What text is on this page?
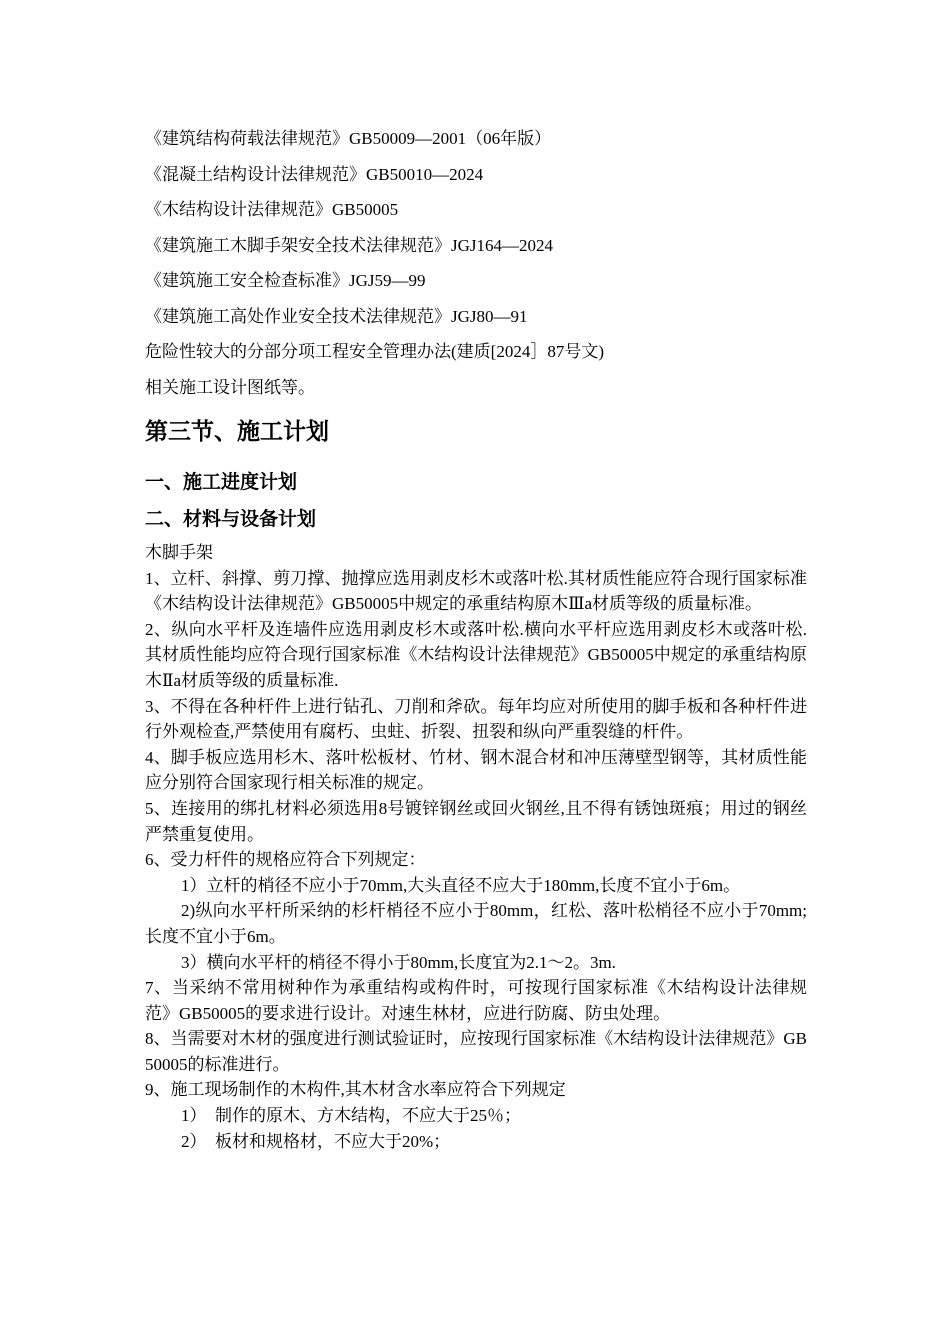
《建筑结构荷载法律规范》GB50009—2001（06年版）
《混凝土结构设计法律规范》GB50010—2024
《木结构设计法律规范》GB50005
《建筑施工木脚手架安全技术法律规范》JGJ164—2024
《建筑施工安全检查标准》JGJ59—99
《建筑施工高处作业安全技术法律规范》JGJ80—91
危险性较大的分部分项工程安全管理办法(建质[2024］87号文)
相关施工设计图纸等。
第三节、施工计划
一、施工进度计划
二、材料与设备计划

木脚手架

1、立杆、斜撑、剪刀撑、抛撑应选用剥皮杉木或落叶松.其材质性能应符合现行国家标准《木结构设计法律规范》GB50005中规定的承重结构原木Ⅲa材质等级的质量标准。

2、纵向水平杆及连墙件应选用剥皮杉木或落叶松.横向水平杆应选用剥皮杉木或落叶松.其材质性能均应符合现行国家标准《木结构设计法律规范》GB50005中规定的承重结构原木Ⅱa材质等级的质量标准.

3、不得在各种杆件上进行钻孔、刀削和斧砍。每年均应对所使用的脚手板和各种杆件进行外观检查,严禁使用有腐朽、虫蛀、折裂、扭裂和纵向严重裂缝的杆件。

4、脚手板应选用杉木、落叶松板材、竹材、钢木混合材和冲压薄壁型钢等，其材质性能应分别符合国家现行相关标准的规定。

5、连接用的绑扎材料必须选用8号镀锌钢丝或回火钢丝,且不得有锈蚀斑痕；用过的钢丝严禁重复使用。

6、受力杆件的规格应符合下列规定：

1）立杆的梢径不应小于70mm,大头直径不应大于180mm,长度不宜小于6m。

2)纵向水平杆所采纳的杉杆梢径不应小于80mm，红松、落叶松梢径不应小于70mm;长度不宜小于6m。

3）横向水平杆的梢径不得小于80mm,长度宜为2.1～2。3m.

7、当采纳不常用树种作为承重结构或构件时，可按现行国家标准《木结构设计法律规范》GB50005的要求进行设计。对速生林材，应进行防腐、防虫处理。

8、当需要对木材的强度进行测试验证时，应按现行国家标准《木结构设计法律规范》GB 50005的标准进行。

9、施工现场制作的木构件,其木材含水率应符合下列规定

1）　制作的原木、方木结构，不应大于25％；

2）　板材和规格材，不应大于20%；
